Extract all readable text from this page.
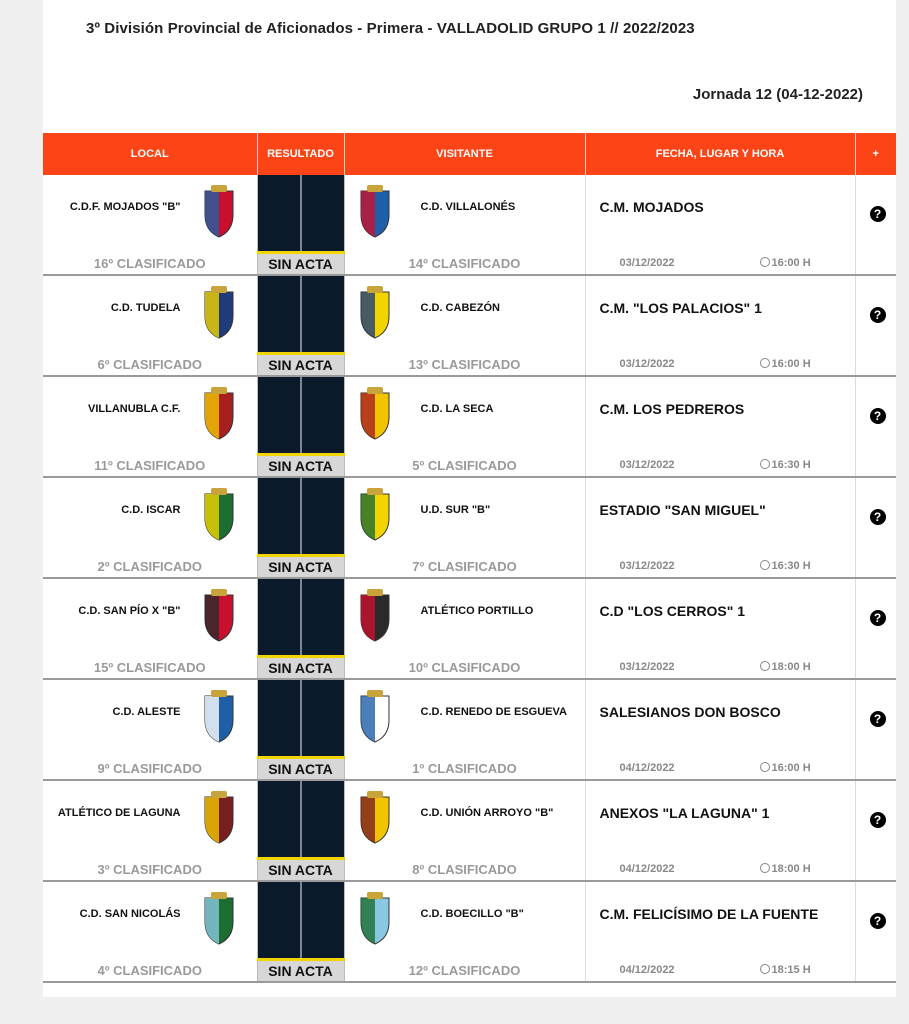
3º División Provincial de Aficionados - Primera - VALLADOLID GRUPO 1 // 2022/2023
Jornada 12 (04-12-2022)
LOCAL	RESULTADO	VISITANTE	FECHA, LUGAR Y HORA	+

C.D.F. MOJADOS "B"		C.D. VILLALONÉS	C.M. MOJADOS	?

16º CLASIFICADO	SIN ACTA	14º CLASIFICADO	03/12/2022 16:00 H	

C.D. TUDELA		C.D. CABEZÓN	C.M. "LOS PALACIOS" 1	?

6º CLASIFICADO	SIN ACTA	13º CLASIFICADO	03/12/2022 16:00 H	

VILLANUBLA C.F.		C.D. LA SECA	C.M. LOS PEDREROS	?

11º CLASIFICADO	SIN ACTA	5º CLASIFICADO	03/12/2022 16:30 H	

C.D. ISCAR		U.D. SUR "B"	ESTADIO "SAN MIGUEL"	?

2º CLASIFICADO	SIN ACTA	7º CLASIFICADO	03/12/2022 16:30 H	

C.D. SAN PÍO X "B"		ATLÉTICO PORTILLO	C.D "LOS CERROS" 1	?

15º CLASIFICADO	SIN ACTA	10º CLASIFICADO	03/12/2022 18:00 H	

C.D. ALESTE		C.D. RENEDO DE ESGUEVA	SALESIANOS DON BOSCO	?

9º CLASIFICADO	SIN ACTA	1º CLASIFICADO	04/12/2022 16:00 H	

ATLÉTICO DE LAGUNA		C.D. UNIÓN ARROYO "B"	ANEXOS "LA LAGUNA" 1	?

3º CLASIFICADO	SIN ACTA	8º CLASIFICADO	04/12/2022 18:00 H	

C.D. SAN NICOLÁS		C.D. BOECILLO "B"	C.M. FELICÍSIMO DE LA FUENTE	?

4º CLASIFICADO	SIN ACTA	12º CLASIFICADO	04/12/2022 18:15 H	
